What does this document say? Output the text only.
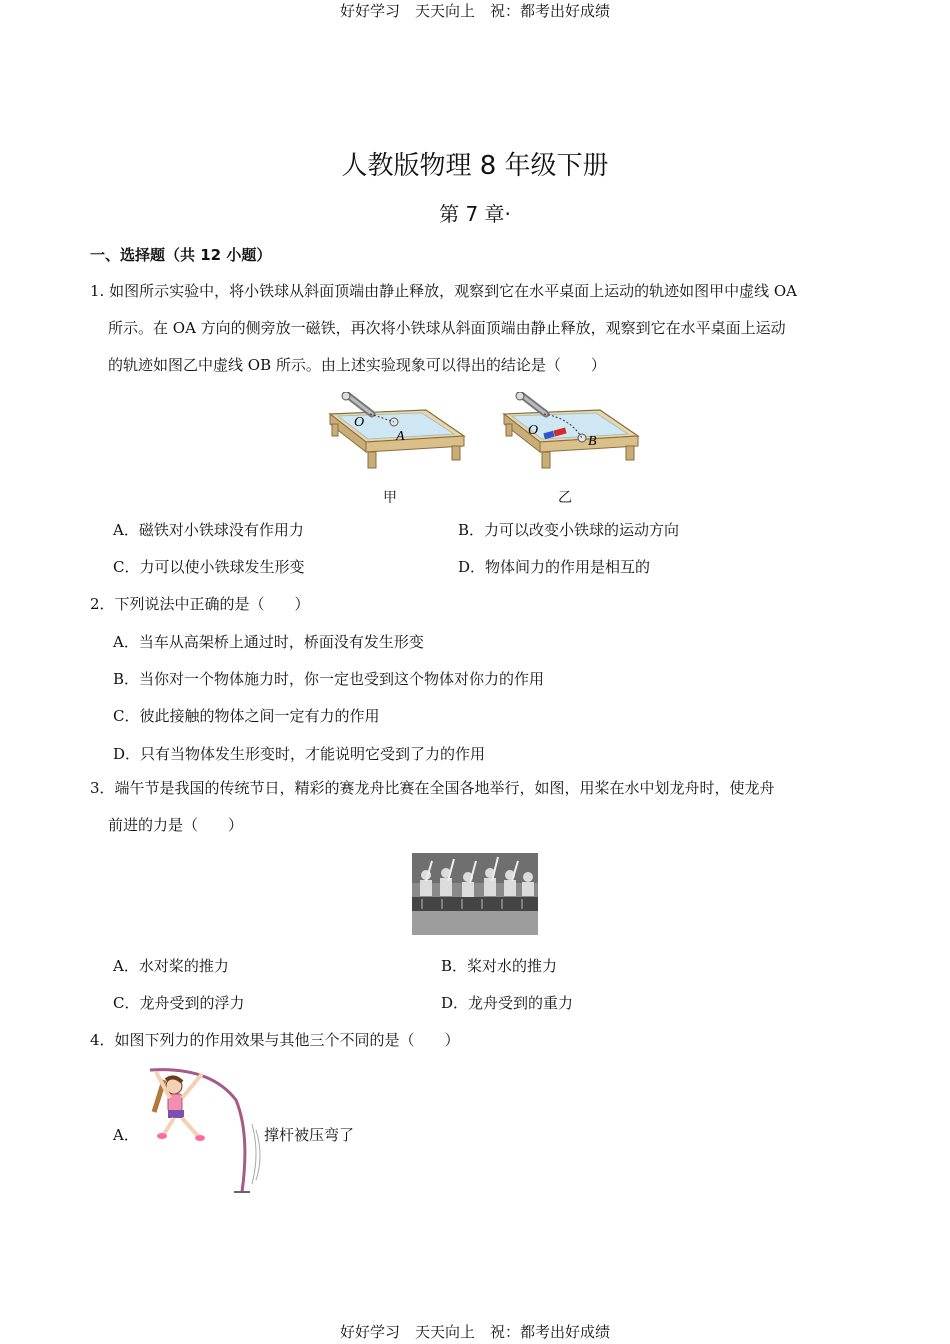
好好学习　天天向上　祝：都考出好成绩
人教版物理 8 年级下册
第 7 章·
一、选择题（共 12 小题）
1. 如图所示实验中，将小铁球从斜面顶端由静止释放，观察到它在水平桌面上运动的轨迹如图甲中虚线 OA
所示。在 OA 方向的侧旁放一磁铁，再次将小铁球从斜面顶端由静止释放，观察到它在水平桌面上运动
的轨迹如图乙中虚线 OB 所示。由上述实验现象可以得出的结论是（　　）
O
A	O
B
甲	乙
A．磁铁对小铁球没有作用力	B．力可以改变小铁球的运动方向
C．力可以使小铁球发生形变	D．物体间力的作用是相互的
2．下列说法中正确的是（　　）
A．当车从高架桥上通过时，桥面没有发生形变
B．当你对一个物体施力时，你一定也受到这个物体对你力的作用
C．彼此接触的物体之间一定有力的作用
D．只有当物体发生形变时，才能说明它受到了力的作用
3．端午节是我国的传统节日，精彩的赛龙舟比赛在全国各地举行，如图，用桨在水中划龙舟时，使龙舟
前进的力是（　　）
A．水对桨的推力	B．桨对水的推力
C．龙舟受到的浮力	D．龙舟受到的重力
4．如图下列力的作用效果与其他三个不同的是（　　）
A．	撑杆被压弯了
好好学习　天天向上　祝：都考出好成绩
